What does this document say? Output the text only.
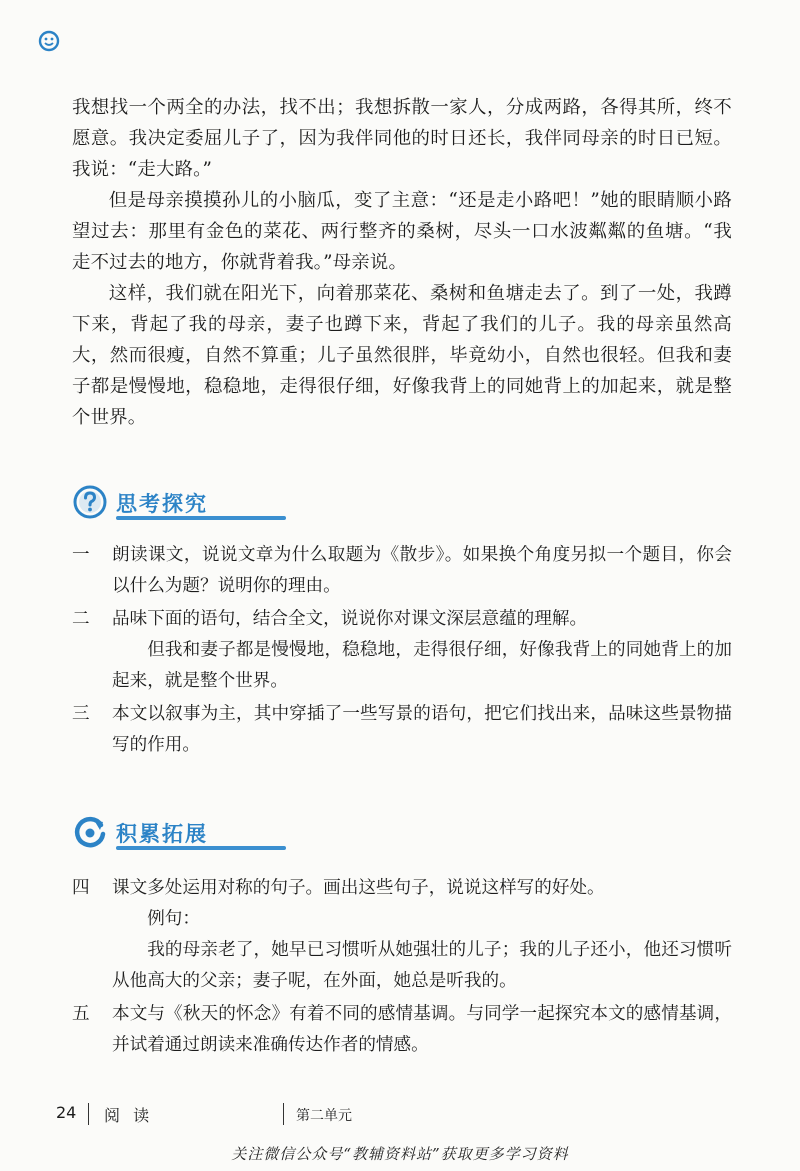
我想找一个两全的办法，找不出；我想拆散一家人，分成两路，各得其所，终不愿意。我决定委屈儿子了，因为我伴同他的时日还长，我伴同母亲的时日已短。我说：“走大路。”

但是母亲摸摸孙儿的小脑瓜，变了主意：“还是走小路吧！”她的眼睛顺小路望过去：那里有金色的菜花、两行整齐的桑树，尽头一口水波粼粼的鱼塘。“我走不过去的地方，你就背着我。”母亲说。

这样，我们就在阳光下，向着那菜花、桑树和鱼塘走去了。到了一处，我蹲下来，背起了我的母亲，妻子也蹲下来，背起了我们的儿子。我的母亲虽然高大，然而很瘦，自然不算重；儿子虽然很胖，毕竟幼小，自然也很轻。但我和妻子都是慢慢地，稳稳地，走得很仔细，好像我背上的同她背上的加起来，就是整个世界。

思考探究
一 朗读课文，说说文章为什么取题为《散步》。如果换个角度另拟一个题目，你会以什么为题？说明你的理由。
二 品味下面的语句，结合全文，说说你对课文深层意蕴的理解。
但我和妻子都是慢慢地，稳稳地，走得很仔细，好像我背上的同她背上的加起来，就是整个世界。
三 本文以叙事为主，其中穿插了一些写景的语句，把它们找出来，品味这些景物描写的作用。
积累拓展
四 课文多处运用对称的句子。画出这些句子，说说这样写的好处。
例句：
我的母亲老了，她早已习惯听从她强壮的儿子；我的儿子还小，他还习惯听从他高大的父亲；妻子呢，在外面，她总是听我的。
五 本文与《秋天的怀念》有着不同的感情基调。与同学一起探究本文的感情基调，并试着通过朗读来准确传达作者的情感。
24 阅 读	第二单元
关注微信公众号“教辅资料站”获取更多学习资料
